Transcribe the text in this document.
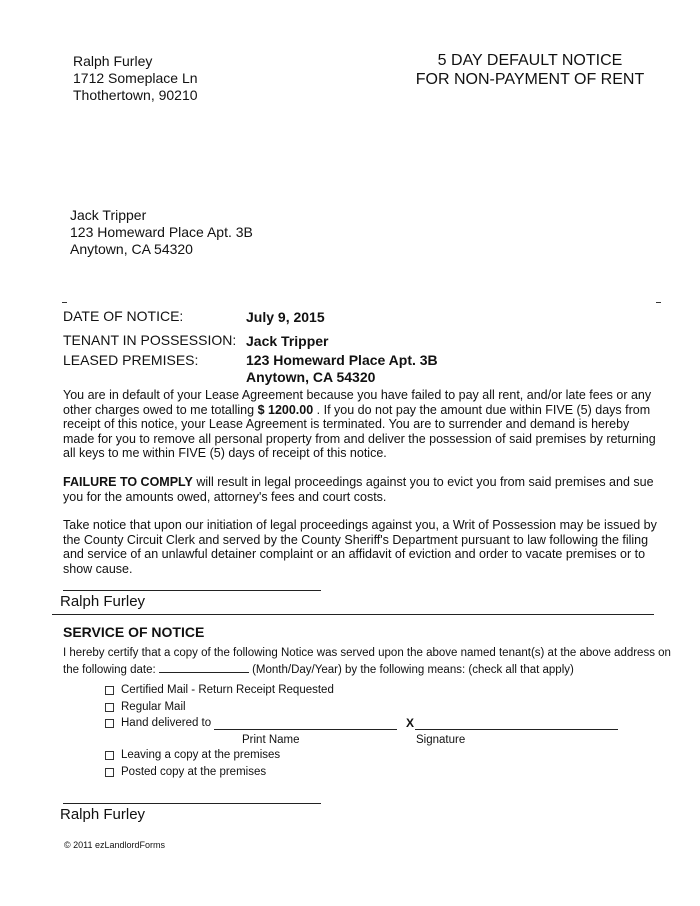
Ralph Furley
1712 Someplace Ln
Thothertown, 90210
5 DAY DEFAULT NOTICE
FOR NON-PAYMENT OF RENT
Jack Tripper
123 Homeward Place Apt. 3B
Anytown, CA 54320
DATE OF NOTICE:	July 9, 2015
TENANT IN POSSESSION: Jack Tripper
LEASED PREMISES:	123 Homeward Place Apt. 3B
Anytown, CA 54320

You are in default of your Lease Agreement because you have failed to pay all rent, and/or late fees or any other charges owed to me totalling $ 1200.00 . If you do not pay the amount due within FIVE (5) days from receipt of this notice, your Lease Agreement is terminated. You are to surrender and demand is hereby made for you to remove all personal property from and deliver the possession of said premises by returning all keys to me within FIVE (5) days of receipt of this notice.

FAILURE TO COMPLY will result in legal proceedings against you to evict you from said premises and sue you for the amounts owed, attorney's fees and court costs.

Take notice that upon our initiation of legal proceedings against you, a Writ of Possession may be issued by the County Circuit Clerk and served by the County Sheriff's Department pursuant to law following the filing and service of an unlawful detainer complaint or an affidavit of eviction and order to vacate premises or to show cause.

Ralph Furley
SERVICE OF NOTICE
I hereby certify that a copy of the following Notice was served upon the above named tenant(s) at the above address on the following date:	(Month/Day/Year) by the following means: (check all that apply)
Certified Mail - Return Receipt Requested
Regular Mail
Hand delivered to	X
Print Name	Signature
Leaving a copy at the premises
Posted copy at the premises
Ralph Furley
© 2011 ezLandlordForms
